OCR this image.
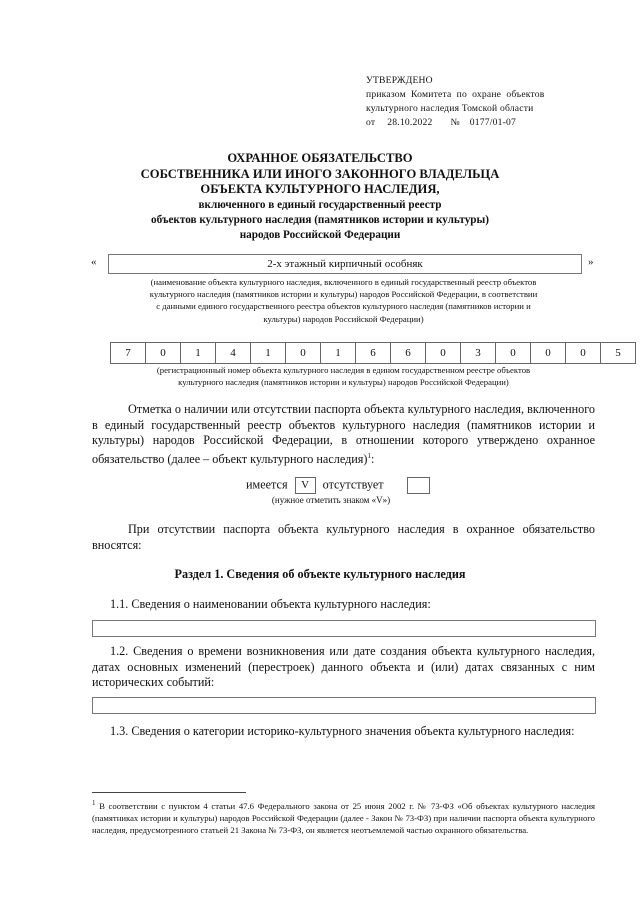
УТВЕРЖДЕНО
приказом  Комитета  по  охране  объектов
культурного наследия Томской области
от 28.10.2022 № 0177/01-07
ОХРАННОЕ ОБЯЗАТЕЛЬСТВО
СОБСТВЕННИКА ИЛИ ИНОГО ЗАКОННОГО ВЛАДЕЛЬЦА
ОБЪЕКТА КУЛЬТУРНОГО НАСЛЕДИЯ,
включенного в единый государственный реестр
объектов культурного наследия (памятников истории и культуры)
народов Российской Федерации
«	2-х этажный кирпичный особняк	»
(наименование объекта культурного наследия, включенного в единый государственный реестр объектов
культурного наследия (памятников истории и культуры) народов Российской Федерации, в соответствии
с данными единого государственного реестра объектов культурного наследия (памятников истории и
культуры) народов Российской Федерации)
7	0	1	4	1	0	1	6	6	0	3	0	0	0	5
(регистрационный номер объекта культурного наследия в едином государственном реестре объектов
культурного наследия (памятников истории и культуры) народов Российской Федерации)
Отметка о наличии или отсутствии паспорта объекта культурного наследия, включенного в единый государственный реестр объектов культурного наследия (памятников истории и культуры) народов Российской Федерации, в отношении которого утверждено охранное обязательство (далее – объект культурного наследия)$^1$:
имеется V отсутствует
(нужное отметить знаком «V»)
При отсутствии паспорта объекта культурного наследия в охранное обязательство вносятся:
Раздел 1. Сведения об объекте культурного наследия
1.1. Сведения о наименовании объекта культурного наследия:
1.2. Сведения о времени возникновения или дате создания объекта культурного наследия, датах основных изменений (перестроек) данного объекта и (или) датах связанных с ним исторических событий:
1.3. Сведения о категории историко-культурного значения объекта культурного наследия:
$^1$ В соответствии с пунктом 4 статьи 47.6 Федерального закона от 25 июня 2002 г. № 73-ФЗ «Об объектах культурного наследия (памятниках истории и культуры) народов Российской Федерации (далее - Закон № 73-ФЗ) при наличии паспорта объекта культурного наследия, предусмотренного статьей 21 Закона № 73-ФЗ, он является неотъемлемой частью охранного обязательства.
